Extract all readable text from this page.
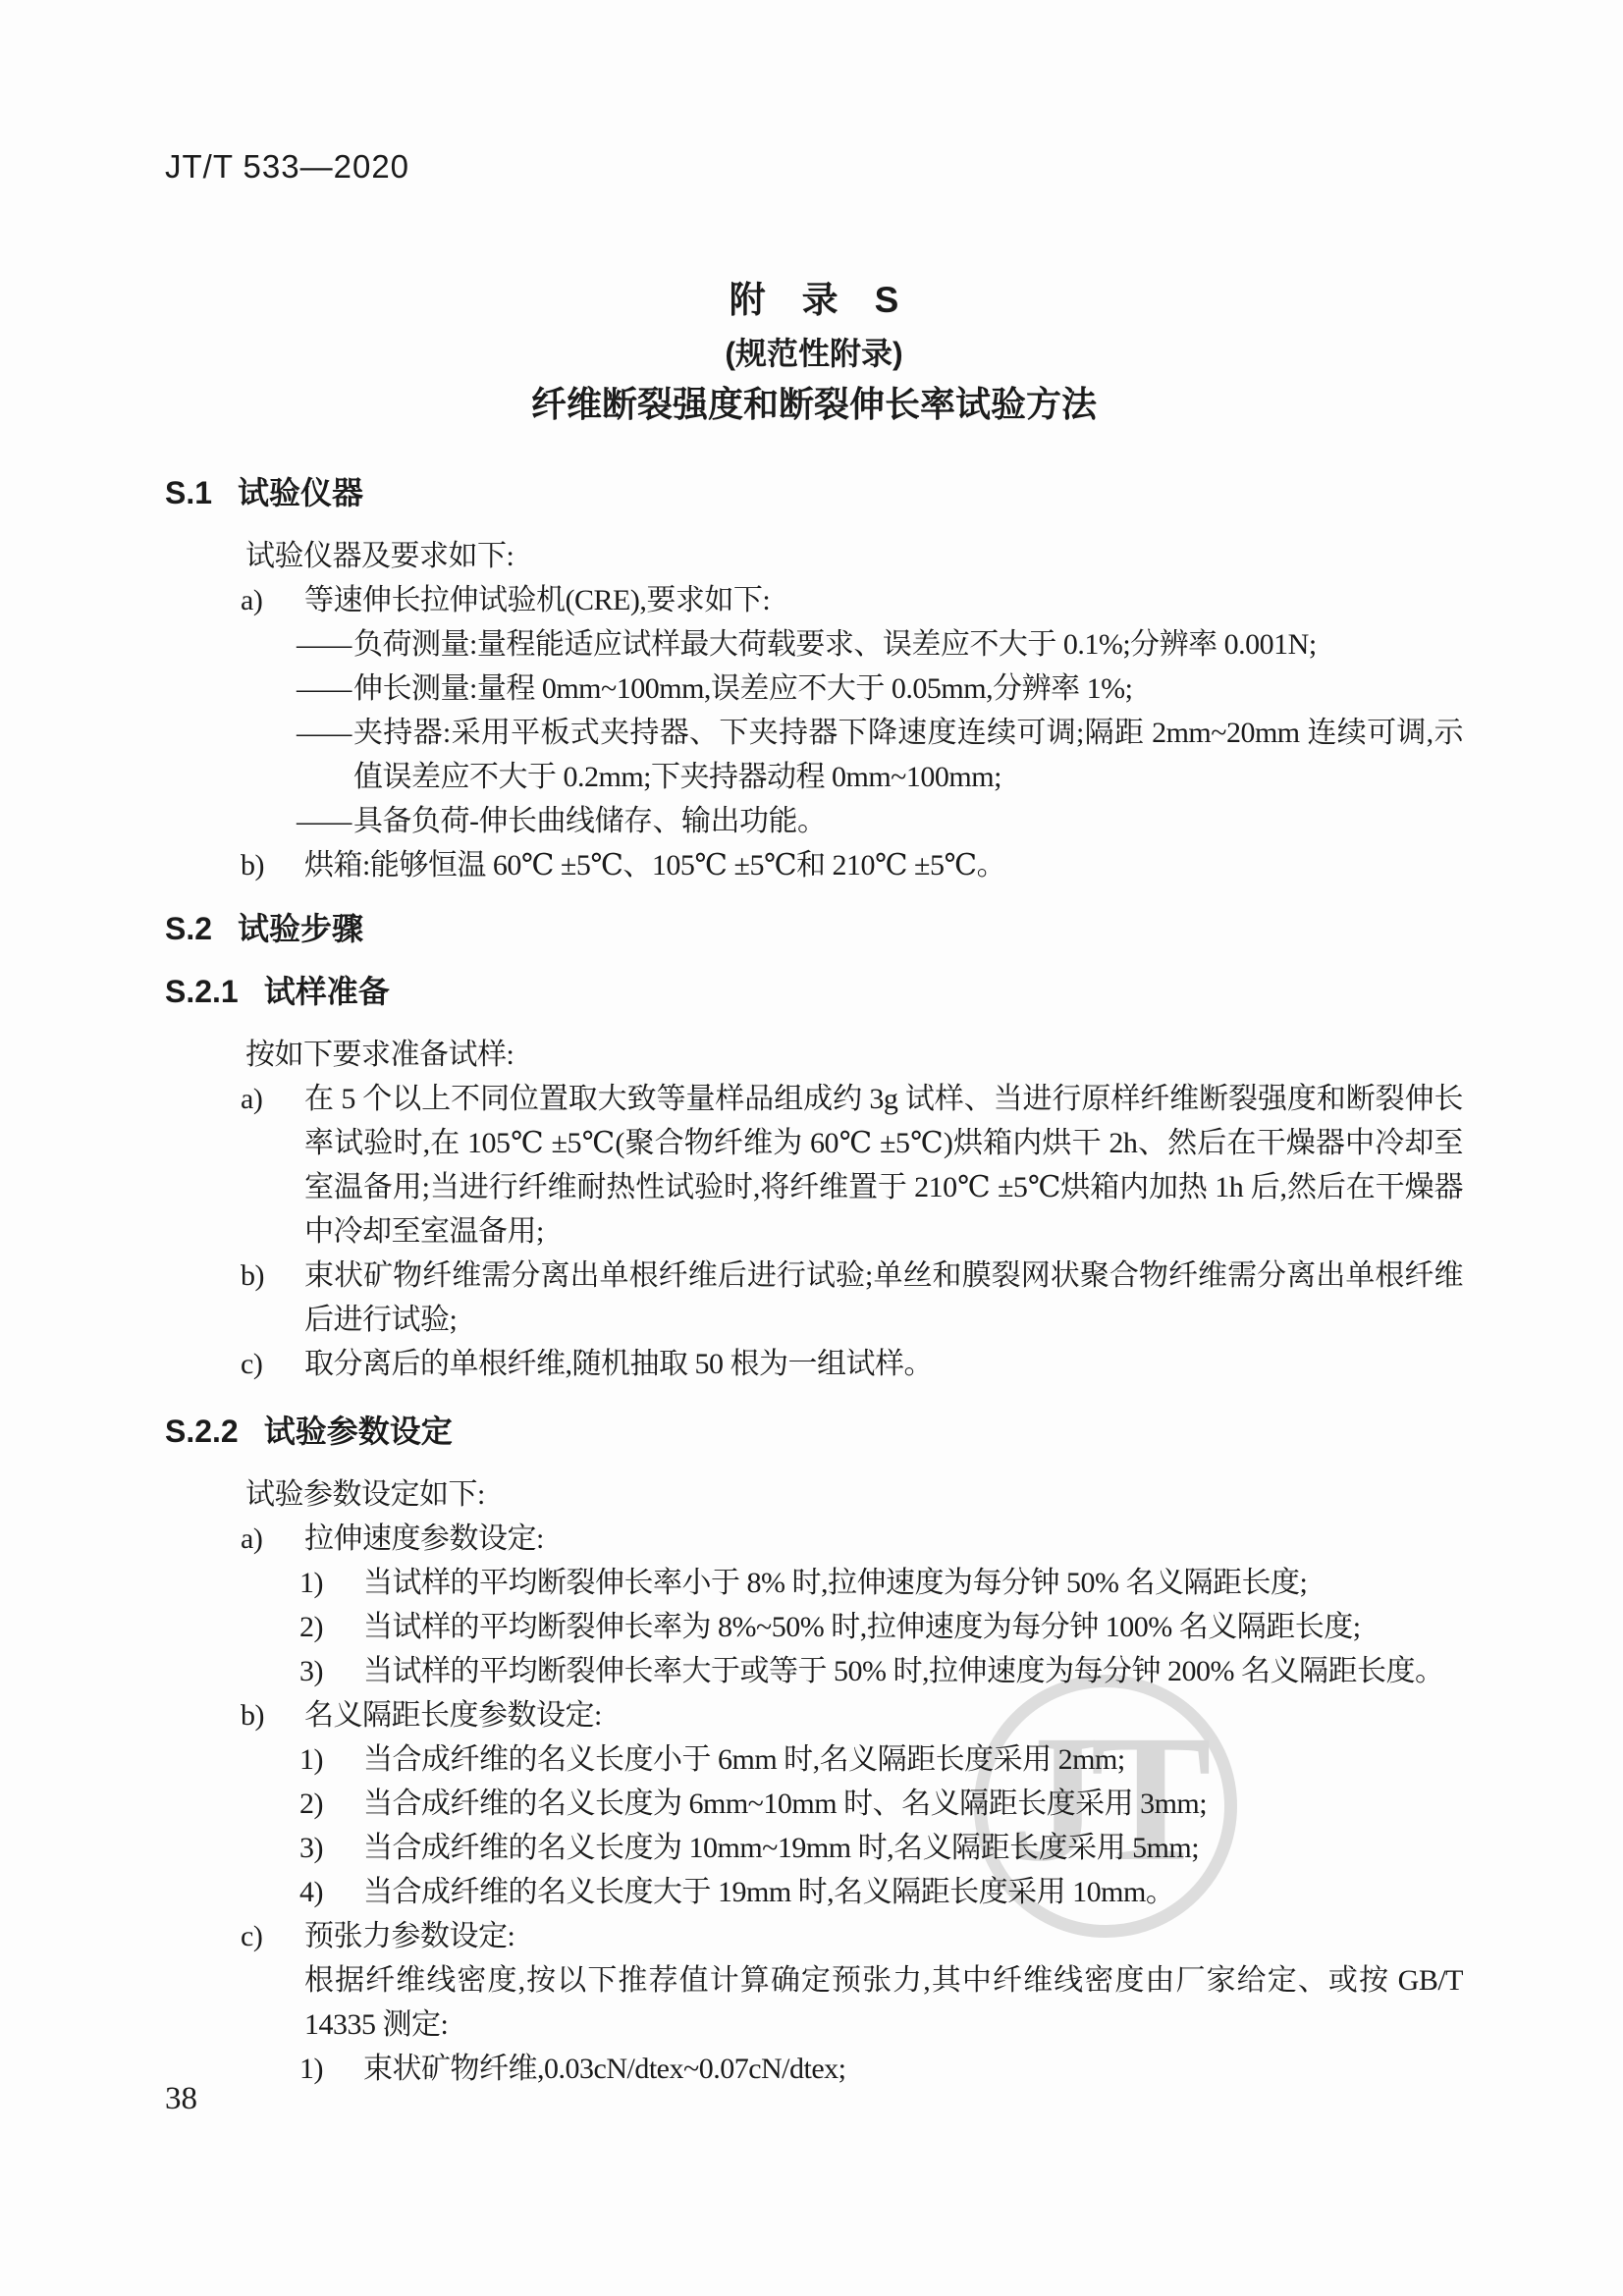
JT
JT/T 533—2020
附　录　S
(规范性附录)
纤维断裂强度和断裂伸长率试验方法
S.1 试验仪器
试验仪器及要求如下:
a)	等速伸长拉伸试验机(CRE),要求如下:
—— 负荷测量:量程能适应试样最大荷载要求、误差应不大于 0.1%;分辨率 0.001N;
—— 伸长测量:量程 0mm~100mm,误差应不大于 0.05mm,分辨率 1%;
—— 夹持器:采用平板式夹持器、下夹持器下降速度连续可调;隔距 2mm~20mm 连续可调,示值误差应不大于 0.2mm;下夹持器动程 0mm~100mm;
—— 具备负荷-伸长曲线储存、输出功能。
b)	烘箱:能够恒温 60℃ ±5℃、105℃ ±5℃和 210℃ ±5℃。
S.2 试验步骤
S.2.1 试样准备
按如下要求准备试样:
a)	在 5 个以上不同位置取大致等量样品组成约 3g 试样、当进行原样纤维断裂强度和断裂伸长率试验时,在 105℃ ±5℃(聚合物纤维为 60℃ ±5℃)烘箱内烘干 2h、然后在干燥器中冷却至室温备用;当进行纤维耐热性试验时,将纤维置于 210℃ ±5℃烘箱内加热 1h 后,然后在干燥器中冷却至室温备用;
b)	束状矿物纤维需分离出单根纤维后进行试验;单丝和膜裂网状聚合物纤维需分离出单根纤维后进行试验;
c)	取分离后的单根纤维,随机抽取 50 根为一组试样。
S.2.2 试验参数设定
试验参数设定如下:
a)	拉伸速度参数设定:
1)	当试样的平均断裂伸长率小于 8% 时,拉伸速度为每分钟 50% 名义隔距长度;
2)	当试样的平均断裂伸长率为 8%~50% 时,拉伸速度为每分钟 100% 名义隔距长度;
3)	当试样的平均断裂伸长率大于或等于 50% 时,拉伸速度为每分钟 200% 名义隔距长度。
b)	名义隔距长度参数设定:
1)	当合成纤维的名义长度小于 6mm 时,名义隔距长度采用 2mm;
2)	当合成纤维的名义长度为 6mm~10mm 时、名义隔距长度采用 3mm;
3)	当合成纤维的名义长度为 10mm~19mm 时,名义隔距长度采用 5mm;
4)	当合成纤维的名义长度大于 19mm 时,名义隔距长度采用 10mm。
c)	预张力参数设定:
根据纤维线密度,按以下推荐值计算确定预张力,其中纤维线密度由厂家给定、或按 GB/T 14335 测定:
1)	束状矿物纤维,0.03cN/dtex~0.07cN/dtex;
38
